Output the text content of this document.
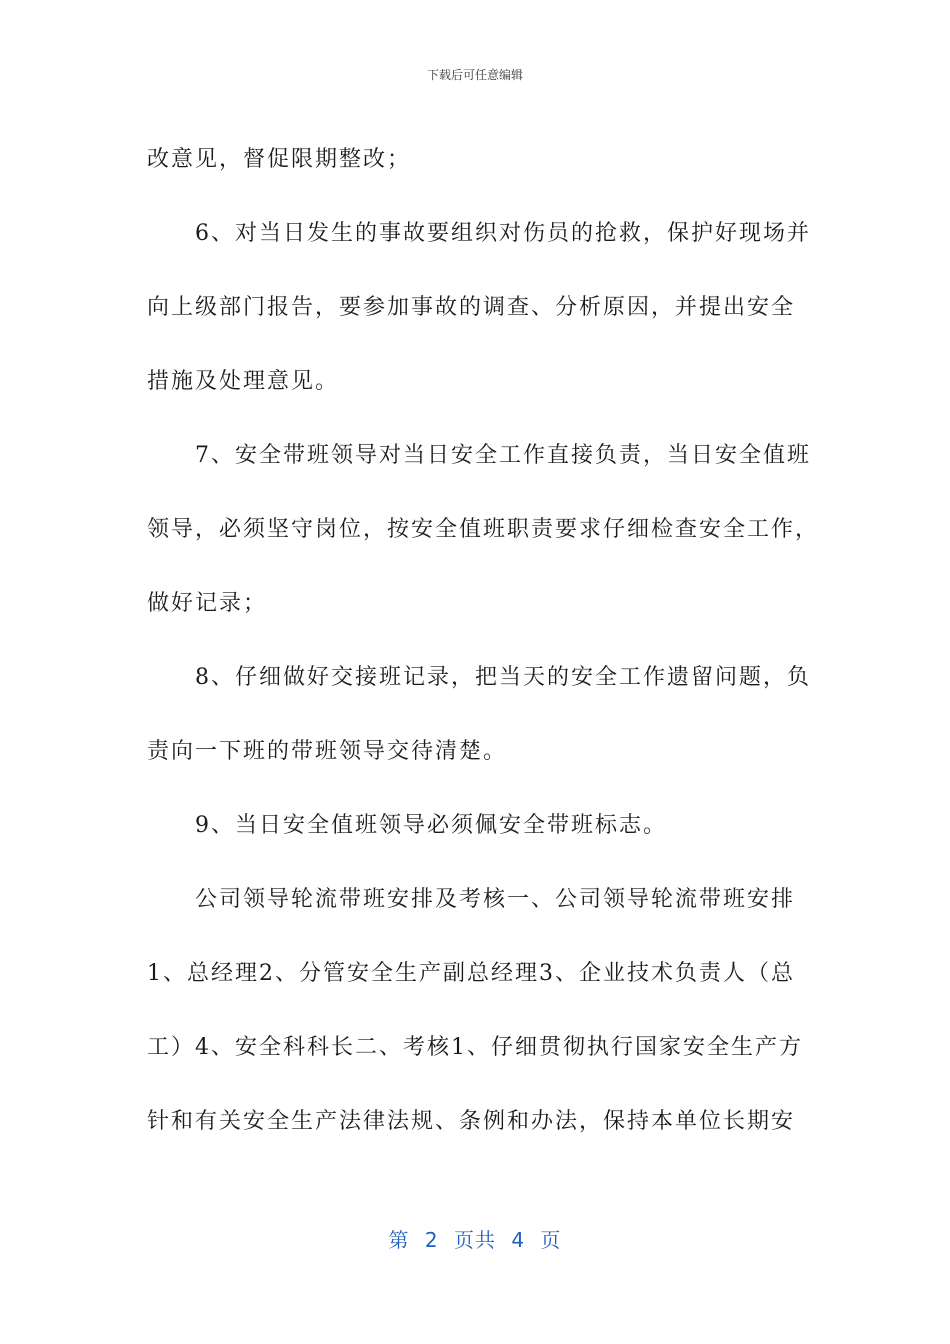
下载后可任意编辑

改意见，督促限期整改；

　　6、对当日发生的事故要组织对伤员的抢救，保护好现场并

向上级部门报告，要参加事故的调查、分析原因，并提出安全

措施及处理意见。

　　7、安全带班领导对当日安全工作直接负责，当日安全值班

领导，必须坚守岗位，按安全值班职责要求仔细检查安全工作，

做好记录；

　　8、仔细做好交接班记录，把当天的安全工作遗留问题，负

责向一下班的带班领导交待清楚。

　　9、当日安全值班领导必须佩安全带班标志。

　　公司领导轮流带班安排及考核一、公司领导轮流带班安排

1、总经理2、分管安全生产副总经理3、企业技术负责人（总

工）4、安全科科长二、考核1、仔细贯彻执行国家安全生产方

针和有关安全生产法律法规、条例和办法，保持本单位长期安

第 2 页共 4 页
